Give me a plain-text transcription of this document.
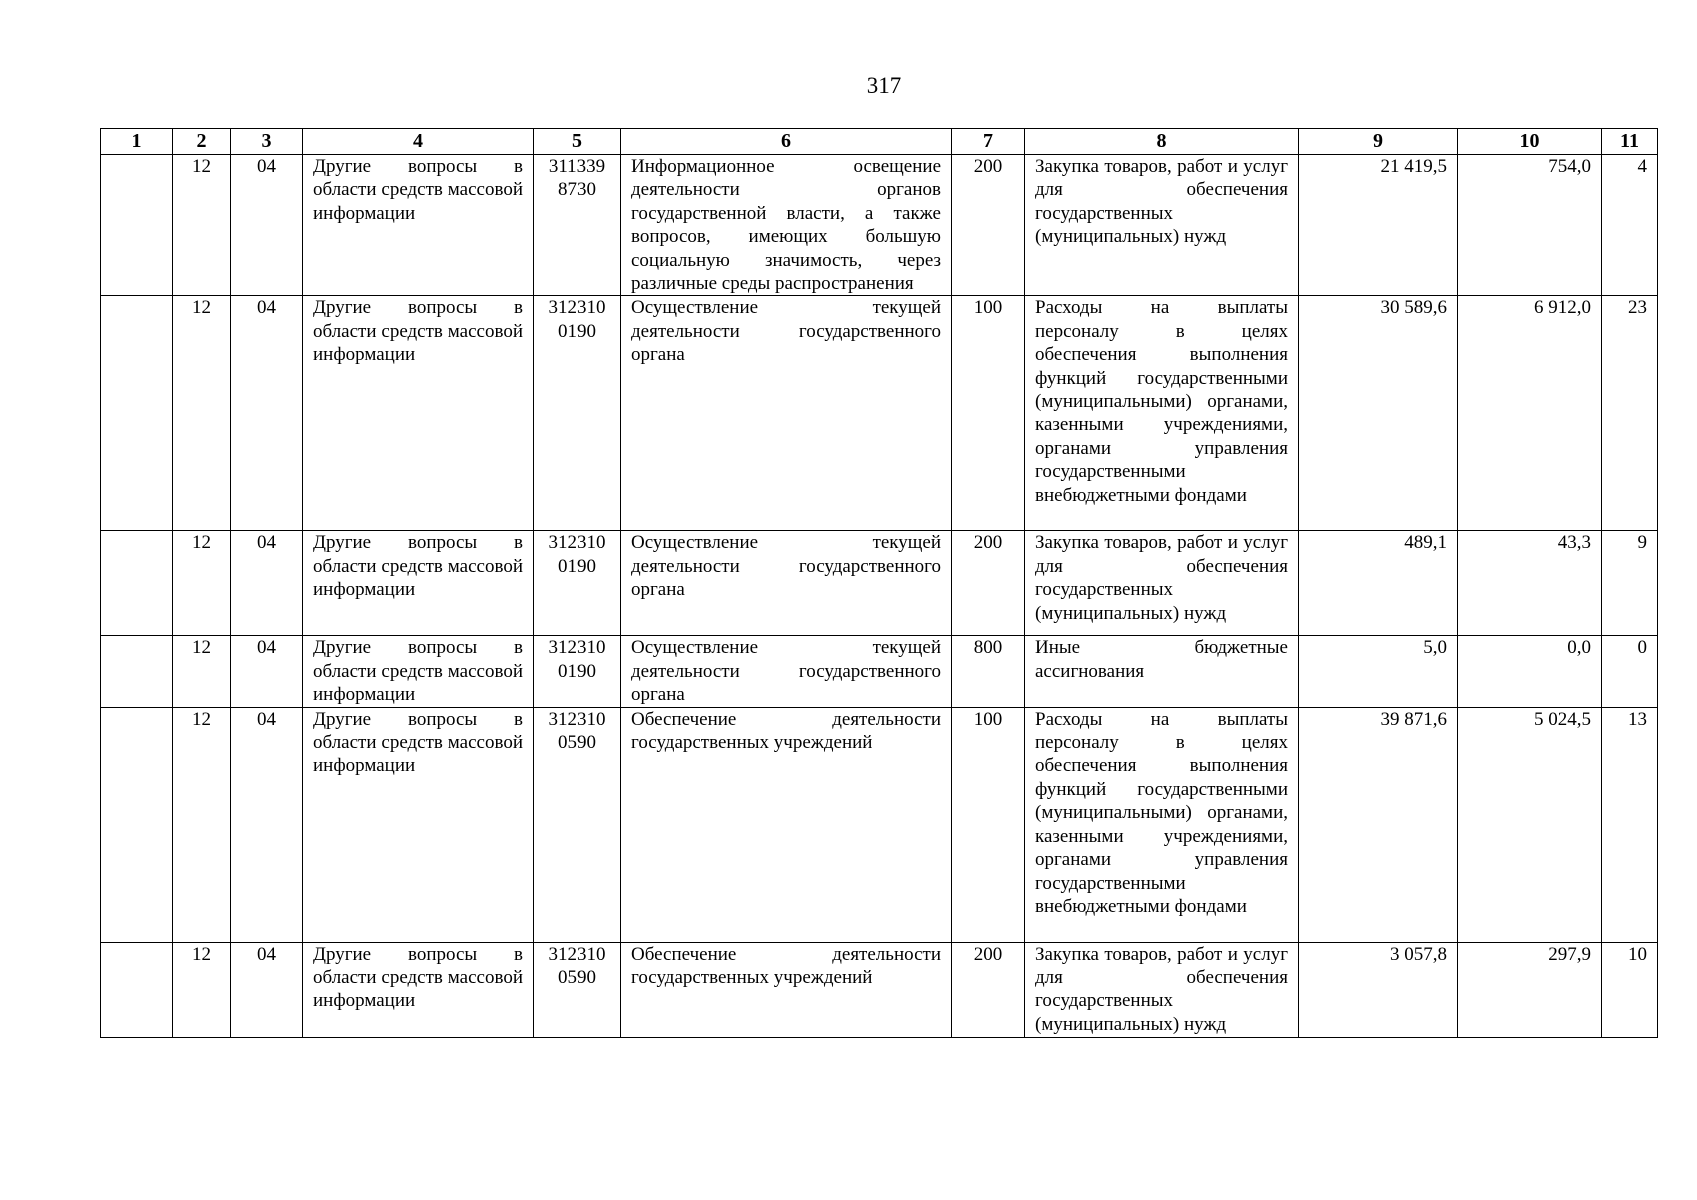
317
1	2	3	4	5	6	7	8	9	10	11
	12	04	Другие вопросы в области средств массовой информации	311339 8730	Информационное освещение деятельности органов государственной власти, а также вопросов, имеющих большую социальную значимость, через различные среды распространения	200	Закупка товаров, работ и услуг для обеспечения государственных (муниципальных) нужд	21 419,5	754,0	4
	12	04	Другие вопросы в области средств массовой информации	312310 0190	Осуществление текущей деятельности государственного органа	100	Расходы на выплаты персоналу в целях обеспечения выполнения функций государственными (муниципальными) органами, казенными учреждениями, органами управления государственными внебюджетными фондами	30 589,6	6 912,0	23
	12	04	Другие вопросы в области средств массовой информации	312310 0190	Осуществление текущей деятельности государственного органа	200	Закупка товаров, работ и услуг для обеспечения государственных (муниципальных) нужд	489,1	43,3	9
	12	04	Другие вопросы в области средств массовой информации	312310 0190	Осуществление текущей деятельности государственного органа	800	Иные бюджетные ассигнования	5,0	0,0	0
	12	04	Другие вопросы в области средств массовой информации	312310 0590	Обеспечение деятельности государственных учреждений	100	Расходы на выплаты персоналу в целях обеспечения выполнения функций государственными (муниципальными) органами, казенными учреждениями, органами управления государственными внебюджетными фондами	39 871,6	5 024,5	13
	12	04	Другие вопросы в области средств массовой информации	312310 0590	Обеспечение деятельности государственных учреждений	200	Закупка товаров, работ и услуг для обеспечения государственных (муниципальных) нужд	3 057,8	297,9	10
